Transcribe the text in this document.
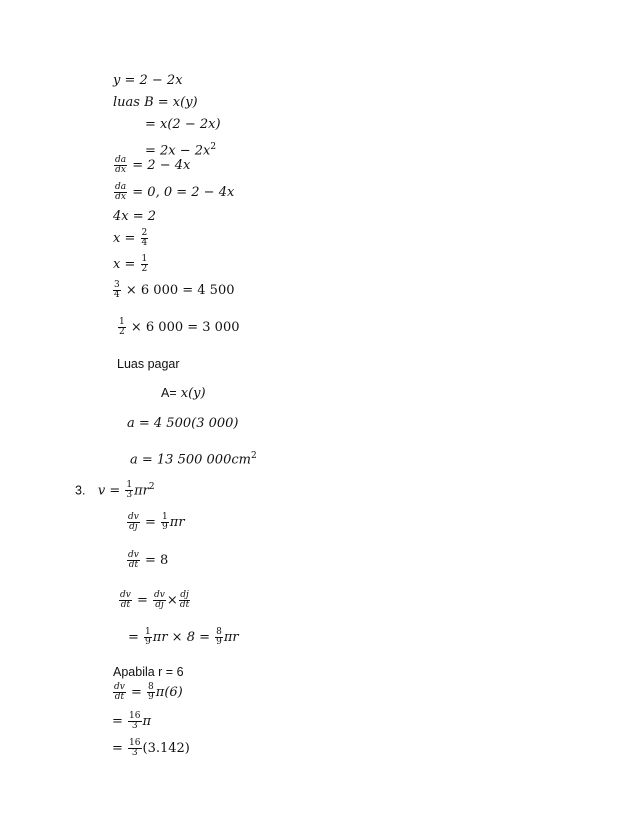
y = 2 − 2x
luas B = x(y)
= x(2 − 2x)
= $2x - 2x^2$
$\frac{da}{dx} = 2 - 4x$
$\frac{da}{dx} = 0$, 0 = 2 − 4x
4x = 2
$x = \frac{2}{4}$
$x = \frac{1}{2}$
$\frac{3}{4} \times 6$ 000 = 4 500
$\frac{1}{2} \times 6$ 000 = 3 000
Luas pagar
A= x(y)
a = 4 500(3 000)
a = 13 500 $000cm^2$
3. $v = \frac{1}{3} \pi r^2$
$\frac{dv}{dj} = \frac{1}{9}$ πr
$\frac{dv}{dt} = 8$
$\frac{dv}{dt} = \frac{dv}{dj} \times \frac{dj}{dt}$
= $\frac{1}{9}$ $\pi r \times 8 = \frac{8}{9}$ πr
Apabila r = 6
$\frac{dv}{dt} = \frac{8}{9} \pi(6)$
= $\frac{16}{3}$ π
= $\frac{16}{3} (3.142)$
